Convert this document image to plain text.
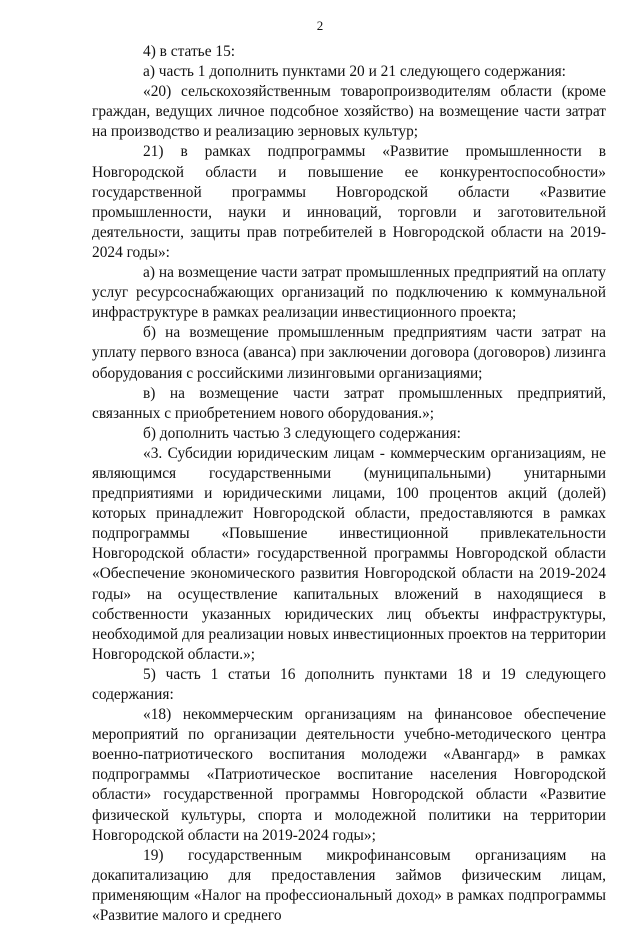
2

4) в статье 15:

а) часть 1 дополнить пунктами 20 и 21 следующего содержания:

«20) сельскохозяйственным товаропроизводителям области (кроме граждан, ведущих личное подсобное хозяйство) на возмещение части затрат на производство и реализацию зерновых культур;

21) в рамках подпрограммы «Развитие промышленности в Новгородской области и повышение ее конкурентоспособности» государственной программы Новгородской области «Развитие промышленности, науки и инноваций, торговли и заготовительной деятельности, защиты прав потребителей в Новгородской области на 2019-2024 годы»:

а) на возмещение части затрат промышленных предприятий на оплату услуг ресурсоснабжающих организаций по подключению к коммунальной инфраструктуре в рамках реализации инвестиционного проекта;

б) на возмещение промышленным предприятиям части затрат на уплату первого взноса (аванса) при заключении договора (договоров) лизинга оборудования с российскими лизинговыми организациями;

в) на возмещение части затрат промышленных предприятий, связанных с приобретением нового оборудования.»;

б) дополнить частью 3 следующего содержания:

«3. Субсидии юридическим лицам - коммерческим организациям, не являющимся государственными (муниципальными) унитарными предприятиями и юридическими лицами, 100 процентов акций (долей) которых принадлежит Новгородской области, предоставляются в рамках подпрограммы «Повышение инвестиционной привлекательности Новгородской области» государственной программы Новгородской области «Обеспечение экономического развития Новгородской области на 2019-2024 годы» на осуществление капитальных вложений в находящиеся в собственности указанных юридических лиц объекты инфраструктуры, необходимой для реализации новых инвестиционных проектов на территории Новгородской области.»;

5) часть 1 статьи 16 дополнить пунктами 18 и 19 следующего содержания:

«18) некоммерческим организациям на финансовое обеспечение мероприятий по организации деятельности учебно-методического центра военно-патриотического воспитания молодежи «Авангард» в рамках подпрограммы «Патриотическое воспитание населения Новгородской области» государственной программы Новгородской области «Развитие физической культуры, спорта и молодежной политики на территории Новгородской области на 2019-2024 годы»;

19) государственным микрофинансовым организациям на докапитализацию для предоставления займов физическим лицам, применяющим «Налог на профессиональный доход» в рамках подпрограммы «Развитие малого и среднего
